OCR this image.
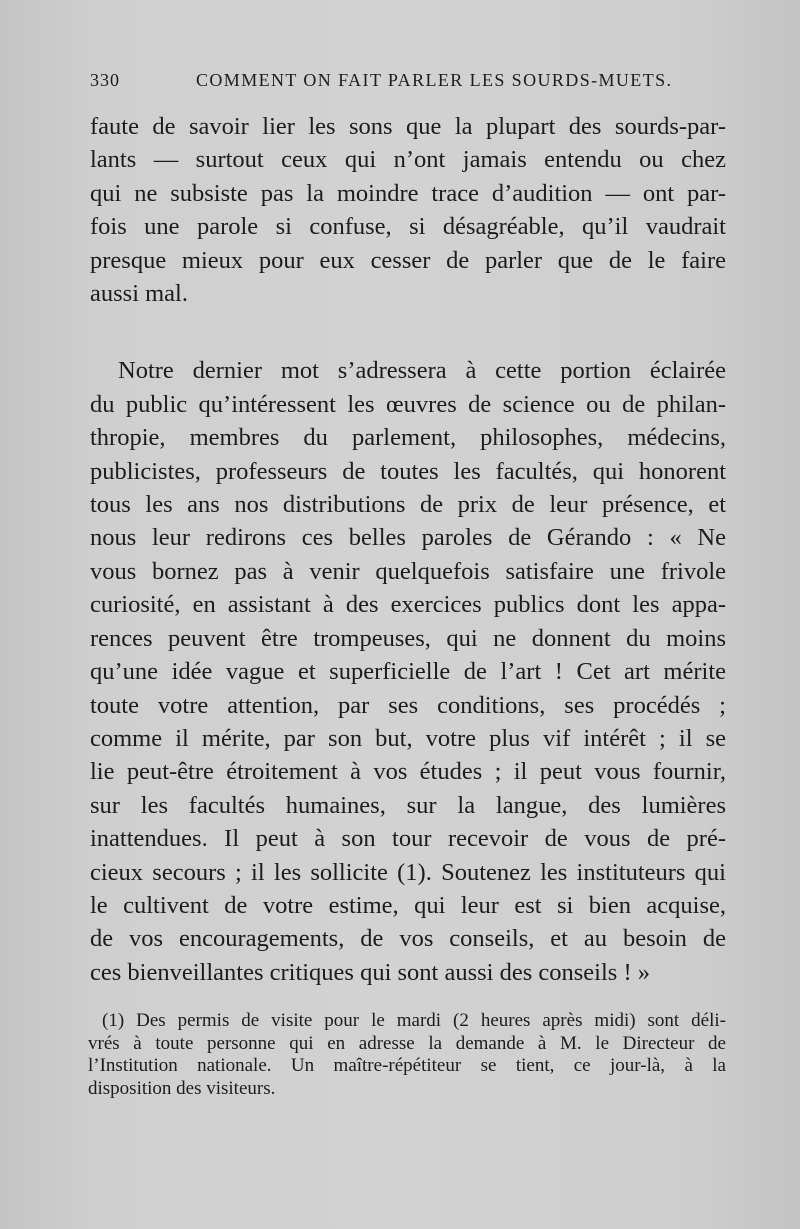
330	COMMENT ON FAIT PARLER LES SOURDS-MUETS.

faute de savoir lier les sons que la plupart des sourds-par-
lants — surtout ceux qui n’ont jamais entendu ou chez
qui ne subsiste pas la moindre trace d’audition — ont par-
fois une parole si confuse, si désagréable, qu’il vaudrait
presque mieux pour eux cesser de parler que de le faire
aussi mal.

Notre dernier mot s’adressera à cette portion éclairée
du public qu’intéressent les œuvres de science ou de philan-
thropie, membres du parlement, philosophes, médecins,
publicistes, professeurs de toutes les facultés, qui honorent
tous les ans nos distributions de prix de leur présence, et
nous leur redirons ces belles paroles de Gérando : « Ne
vous bornez pas à venir quelquefois satisfaire une frivole
curiosité, en assistant à des exercices publics dont les appa-
rences peuvent être trompeuses, qui ne donnent du moins
qu’une idée vague et superficielle de l’art ! Cet art mérite
toute votre attention, par ses conditions, ses procédés ;
comme il mérite, par son but, votre plus vif intérêt ; il se
lie peut-être étroitement à vos études ; il peut vous fournir,
sur les facultés humaines, sur la langue, des lumières
inattendues. Il peut à son tour recevoir de vous de pré-
cieux secours ; il les sollicite (1). Soutenez les instituteurs qui
le cultivent de votre estime, qui leur est si bien acquise,
de vos encouragements, de vos conseils, et au besoin de
ces bienveillantes critiques qui sont aussi des conseils ! »

(1) Des permis de visite pour le mardi (2 heures après midi) sont déli-
vrés à toute personne qui en adresse la demande à M. le Directeur de
l’Institution nationale. Un maître-répétiteur se tient, ce jour-là, à la
disposition des visiteurs.
